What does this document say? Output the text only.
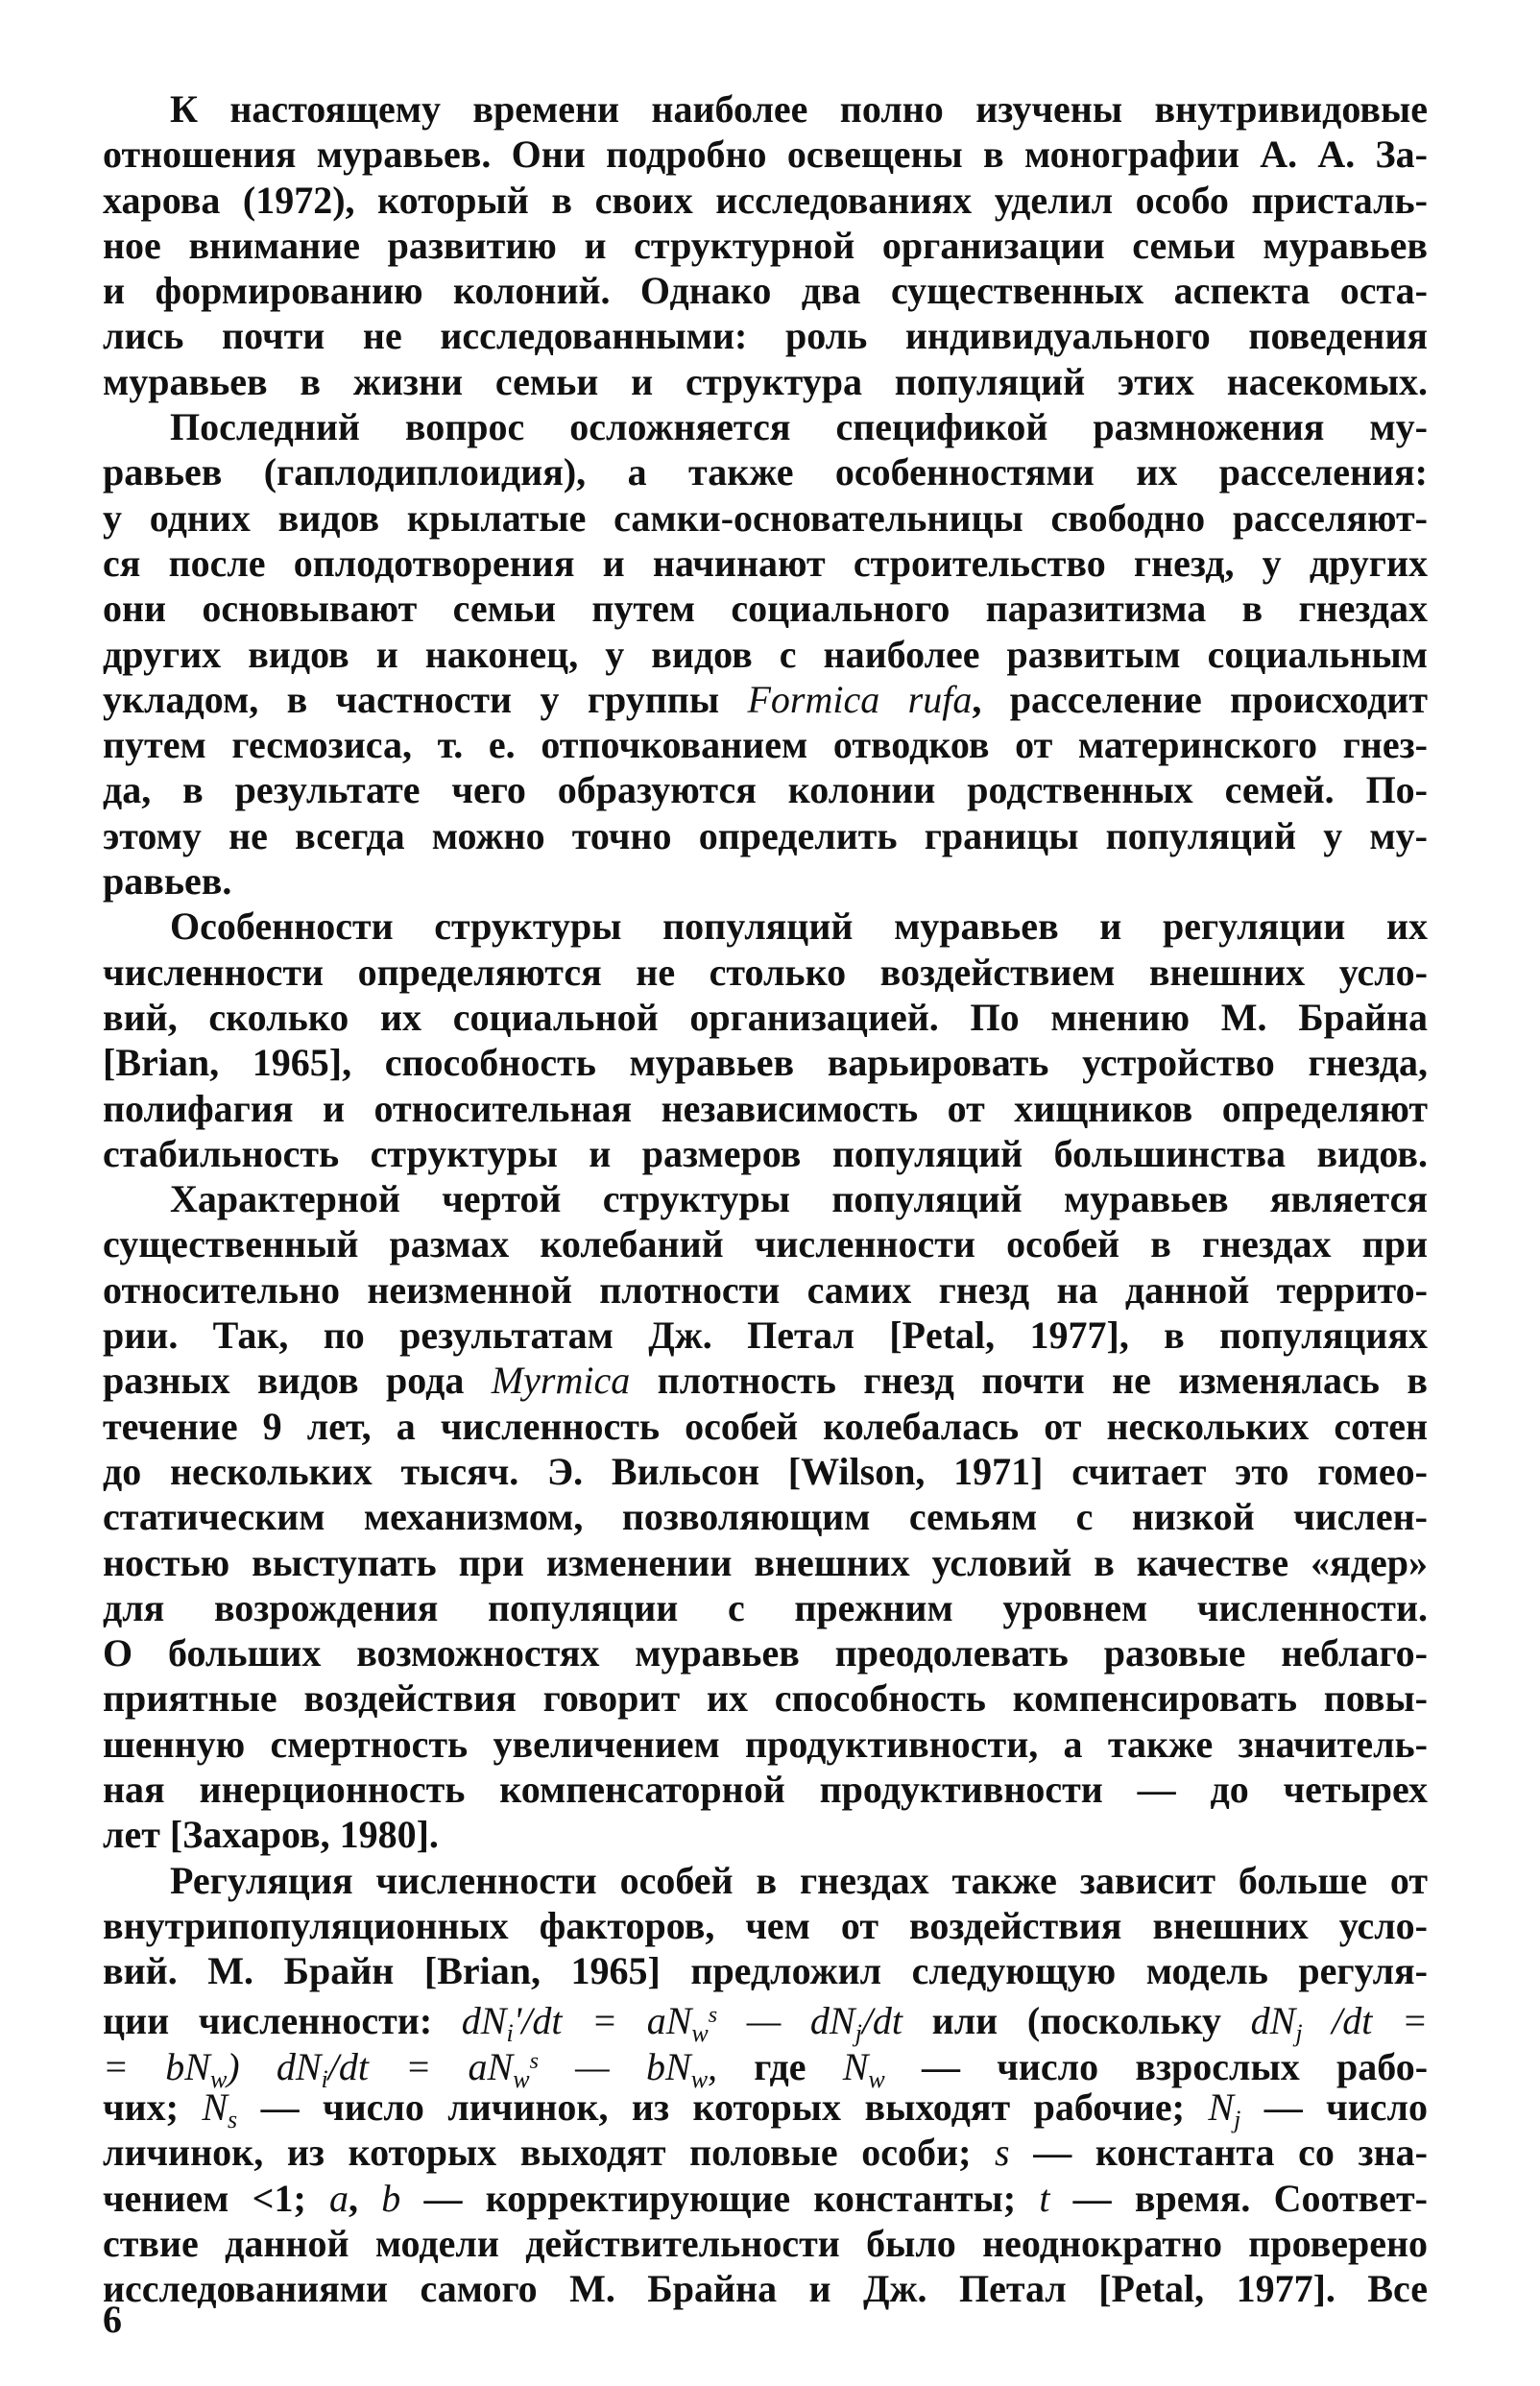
К настоящему времени наиболее полно изучены внутривидовые
отношения муравьев. Они подробно освещены в монографии А. А. За-
харова (1972), который в своих исследованиях уделил особо присталь-
ное внимание развитию и структурной организации семьи муравьев
и формированию колоний. Однако два существенных аспекта оста-
лись почти не исследованными: роль индивидуального поведения
муравьев в жизни семьи и структура популяций этих насекомых.
Последний вопрос осложняется спецификой размножения му-
равьев (гаплодиплоидия), а также особенностями их расселения:
у одних видов крылатые самки-основательницы свободно расселяют-
ся после оплодотворения и начинают строительство гнезд, у других
они основывают семьи путем социального паразитизма в гнездах
других видов и наконец, у видов с наиболее развитым социальным
укладом, в частности у группы Formica rufa, расселение происходит
путем гесмозиса, т. е. отпочкованием отводков от материнского гнез-
да, в результате чего образуются колонии родственных семей. По-
этому не всегда можно точно определить границы популяций у му-
равьев.
Особенности структуры популяций муравьев и регуляции их
численности определяются не столько воздействием внешних усло-
вий, сколько их социальной организацией. По мнению М. Брайна
[Brian, 1965], способность муравьев варьировать устройство гнезда,
полифагия и относительная независимость от хищников определяют
стабильность структуры и размеров популяций большинства видов.
Характерной чертой структуры популяций муравьев является
существенный размах колебаний численности особей в гнездах при
относительно неизменной плотности самих гнезд на данной террито-
рии. Так, по результатам Дж. Петал [Petal, 1977], в популяциях
разных видов рода Myrmica плотность гнезд почти не изменялась в
течение 9 лет, а численность особей колебалась от нескольких сотен
до нескольких тысяч. Э. Вильсон [Wilson, 1971] считает это гомео-
статическим механизмом, позволяющим семьям с низкой числен-
ностью выступать при изменении внешних условий в качестве «ядер»
для возрождения популяции с прежним уровнем численности.
О больших возможностях муравьев преодолевать разовые неблаго-
приятные воздействия говорит их способность компенсировать повы-
шенную смертность увеличением продуктивности, а также значитель-
ная инерционность компенсаторной продуктивности — до четырех
лет [Захаров, 1980].
Регуляция численности особей в гнездах также зависит больше от
внутрипопуляционных факторов, чем от воздействия внешних усло-
вий. М. Брайн [Brian, 1965] предложил следующую модель регуля-
ции численности: $dN_i'/dt = aN_w^s$ — $dN_j/dt$ или (поскольку $dN_j$ /dt =
= $bN_w$) $dN_i/dt = aN_w^s$ — $bN_w$, где $N_w$ — число взрослых рабо-
чих; $N_s$ — число личинок, из которых выходят рабочие; $N_j$ — число
личинок, из которых выходят половые особи; s — константа со зна-
чением <1; a, b — корректирующие константы; t — время. Соответ-
ствие данной модели действительности было неоднократно проверено
исследованиями самого М. Брайна и Дж. Петал [Petal, 1977]. Все
6
